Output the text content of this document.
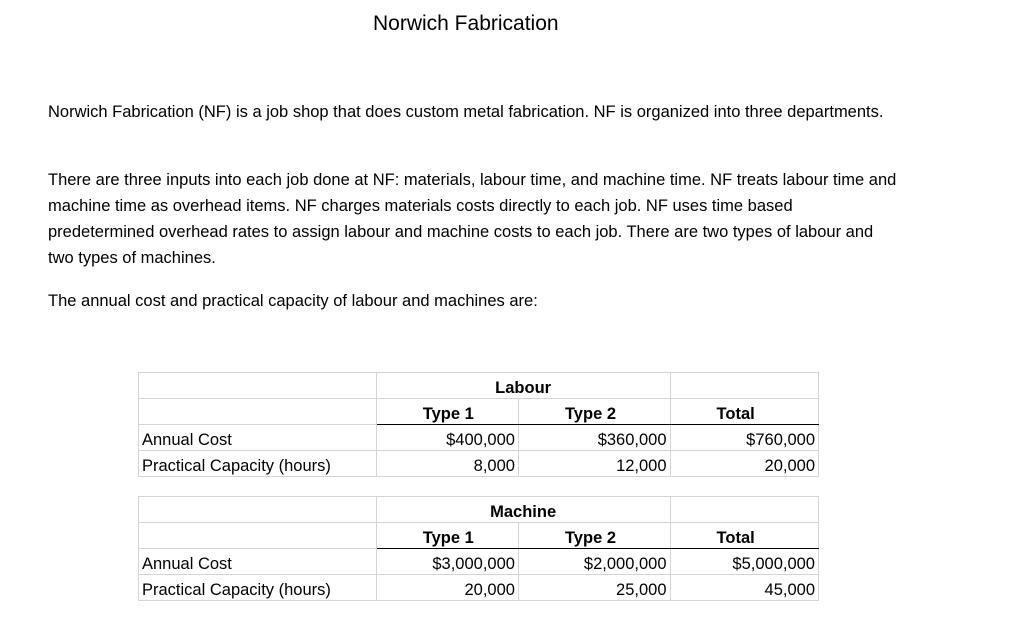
Norwich Fabrication

Norwich Fabrication (NF) is a job shop that does custom metal fabrication. NF is organized into three departments.

There are three inputs into each job done at NF: materials, labour time, and machine time. NF treats labour time and machine time as overhead items. NF charges materials costs directly to each job. NF uses time based predetermined overhead rates to assign labour and machine costs to each job. There are two types of labour and two types of machines.

The annual cost and practical capacity of labour and machines are:

	Labour		
	Type 1	Type 2	Total
Annual Cost	$400,000	$360,000	$760,000
Practical Capacity (hours)	8,000	12,000	20,000
	Machine		
	Type 1	Type 2	Total
Annual Cost	$3,000,000	$2,000,000	$5,000,000
Practical Capacity (hours)	20,000	25,000	45,000
